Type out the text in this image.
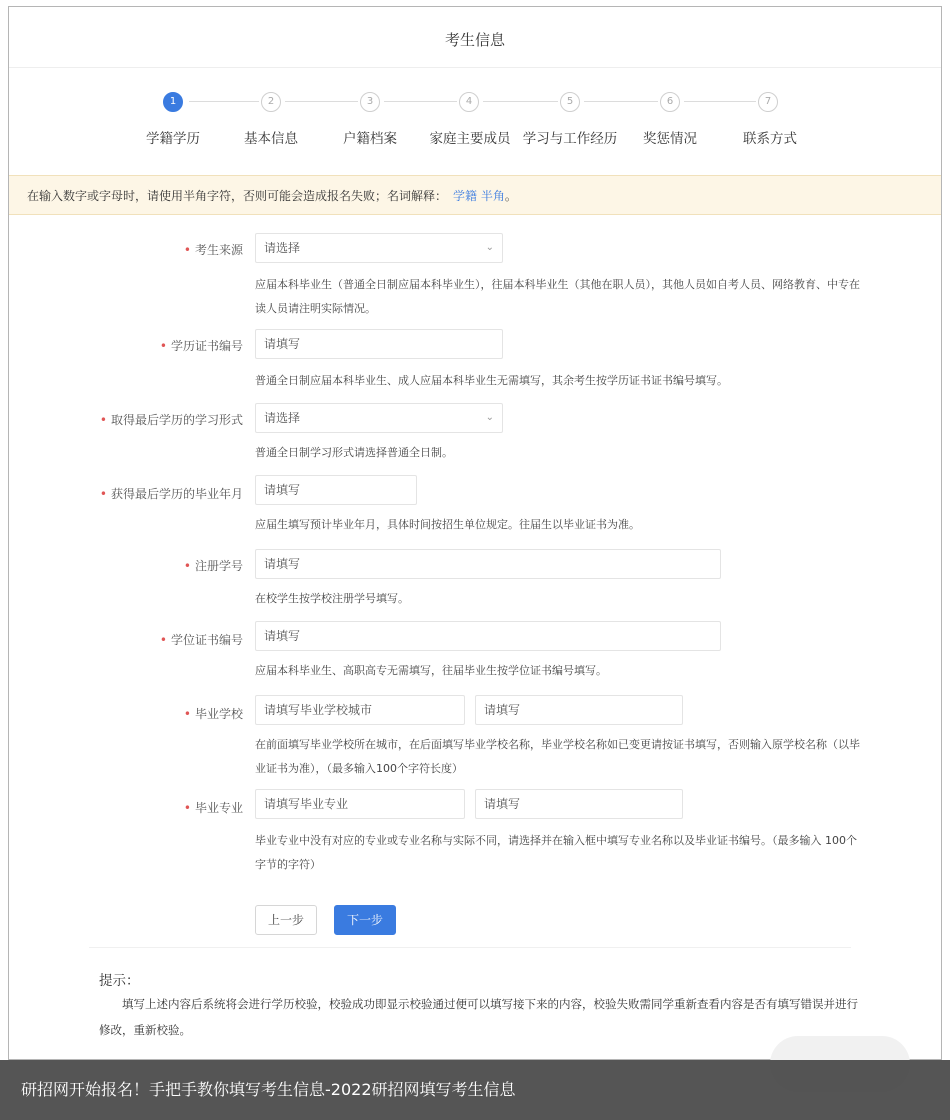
考生信息
1	2	3	4	5	6	7
学籍学历	基本信息	户籍档案 家庭主要成员 学习与工作经历 奖惩情况	联系方式
在输入数字或字母时，请使用半角字符，否则可能会造成报名失败；名词解释： 学籍 半角。
• 考生来源	请选择	⌄
应届本科毕业生（普通全日制应届本科毕业生），往届本科毕业生（其他在职人员），其他人员如自考人员、网络教育、中专在读人员请注明实际情况。
• 学历证书编号	请填写
普通全日制应届本科毕业生、成人应届本科毕业生无需填写，其余考生按学历证书证书编号填写。
• 取得最后学历的学习形式	请选择	⌄
普通全日制学习形式请选择普通全日制。
• 获得最后学历的毕业年月	请填写
应届生填写预计毕业年月，具体时间按招生单位规定。往届生以毕业证书为准。
• 注册学号	请填写
在校学生按学校注册学号填写。
• 学位证书编号	请填写
应届本科毕业生、高职高专无需填写，往届毕业生按学位证书编号填写。
• 毕业学校	请填写毕业学校城市	请填写
在前面填写毕业学校所在城市，在后面填写毕业学校名称，毕业学校名称如已变更请按证书填写，否则输入原学校名称（以毕业证书为准），（最多输入100个字符长度）
• 毕业专业	请填写毕业专业	请填写
毕业专业中没有对应的专业或专业名称与实际不同，请选择并在输入框中填写专业名称以及毕业证书编号。（最多输入 100个字节的字符）
上一步	下一步
提示：
填写上述内容后系统将会进行学历校验，校验成功即显示校验通过便可以填写接下来的内容，校验失败需同学重新查看内容是否有填写错误并进行修改，重新校验。
研招网开始报名！手把手教你填写考生信息-2022研招网填写考生信息
